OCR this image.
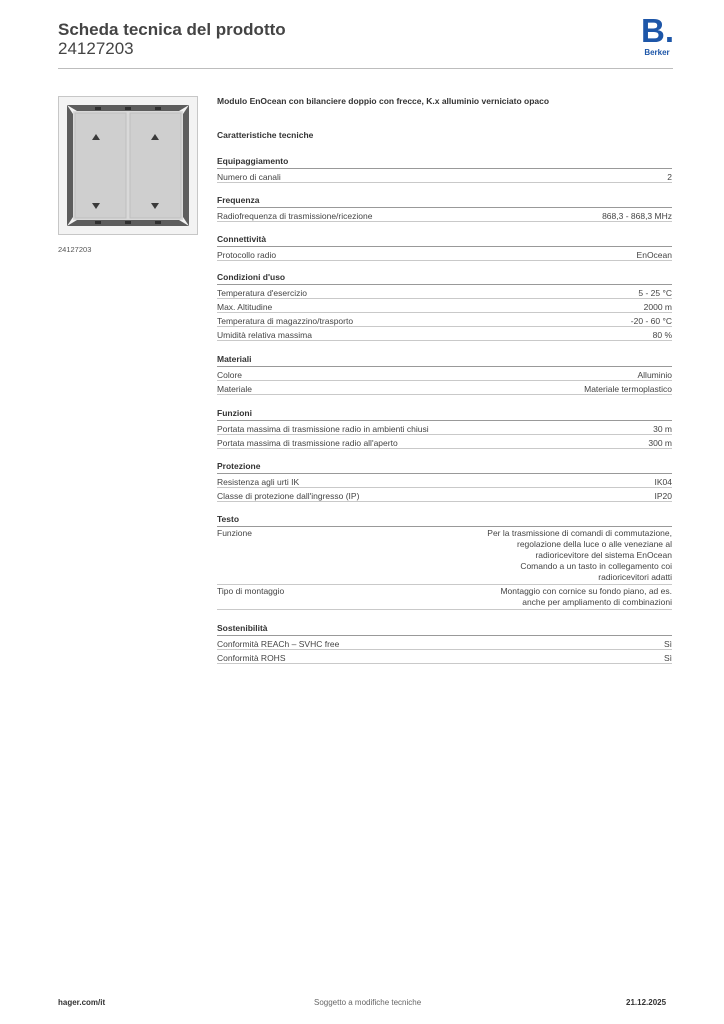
Scheda tecnica del prodotto
24127203	B.
Berker
24127203
Modulo EnOcean con bilanciere doppio con frecce, K.x alluminio verniciato opaco
Caratteristiche tecniche
Equipaggiamento
Numero di canali	2
Frequenza
Radiofrequenza di trasmissione/ricezione	868,3 - 868,3 MHz
Connettività
Protocollo radio	EnOcean
Condizioni d'uso
Temperatura d'esercizio	5 - 25 °C
Max. Altitudine	2000 m
Temperatura di magazzino/trasporto	-20 - 60 °C
Umidità relativa massima	80 %
Materiali
Colore	Alluminio
Materiale	Materiale termoplastico
Funzioni
Portata massima di trasmissione radio in ambienti chiusi	30 m
Portata massima di trasmissione radio all'aperto	300 m
Protezione
Resistenza agli urti IK	IK04
Classe di protezione dall'ingresso (IP)	IP20
Testo
Funzione	Per la trasmissione di comandi di commutazione,
regolazione della luce o alle veneziane al
radioricevitore del sistema EnOcean
Comando a un tasto in collegamento coi
radioricevitori adatti
Tipo di montaggio	Montaggio con cornice su fondo piano, ad es.
anche per ampliamento di combinazioni
Sostenibilità
Conformità REACh – SVHC free	Sì
Conformità ROHS	Sì
hager.com/it	Soggetto a modifiche tecniche	21.12.2025
